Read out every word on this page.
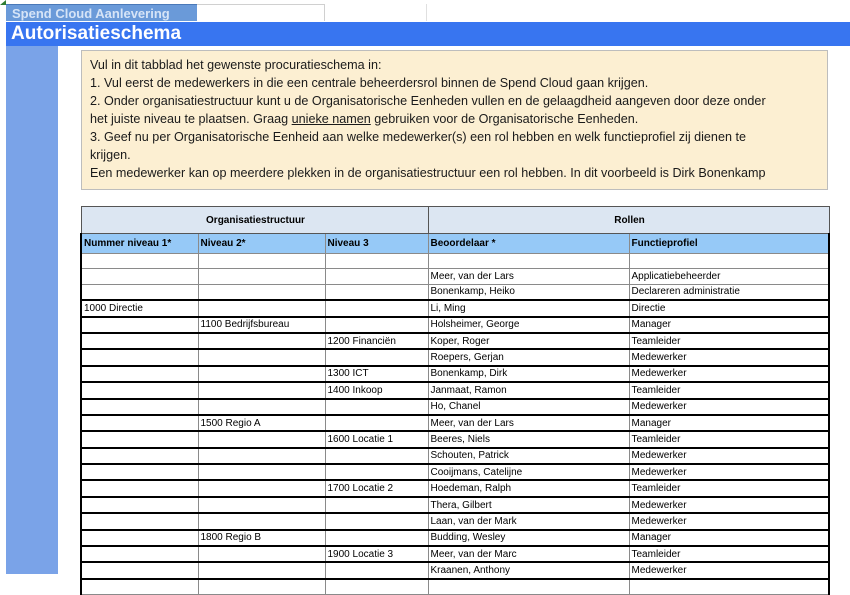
Spend Cloud Aanlevering
Autorisatieschema
Vul in dit tabblad het gewenste procuratieschema in:
1. Vul eerst de medewerkers in die een centrale beheerdersrol binnen de Spend Cloud gaan krijgen.
2. Onder organisatiestructuur kunt u de Organisatorische Eenheden vullen en de gelaagdheid aangeven door deze onder
het juiste niveau te plaatsen. Graag unieke namen gebruiken voor de Organisatorische Eenheden.
3. Geef nu per Organisatorische Eenheid aan welke medewerker(s) een rol hebben en welk functieprofiel zij dienen te
krijgen.
Een medewerker kan op meerdere plekken in de organisatiestructuur een rol hebben. In dit voorbeeld is Dirk Bonenkamp
Organisatiestructuur			Rollen	
Nummer niveau 1*	Niveau 2*	Niveau 3	Beoordelaar *	Functieprofiel

			Meer, van der Lars	Applicatiebeheerder
			Bonenkamp, Heiko	Declareren administratie
1000 Directie			Li, Ming	Directie
	1100 Bedrijfsbureau		Holsheimer, George	Manager
		1200 Financiën	Koper, Roger	Teamleider
			Roepers, Gerjan	Medewerker
		1300 ICT	Bonenkamp, Dirk	Medewerker
		1400 Inkoop	Janmaat, Ramon	Teamleider
			Ho, Chanel	Medewerker
	1500 Regio A		Meer, van der Lars	Manager
		1600 Locatie 1	Beeres, Niels	Teamleider
			Schouten, Patrick	Medewerker
			Cooijmans, Catelijne	Medewerker
		1700 Locatie 2	Hoedeman, Ralph	Teamleider
			Thera, Gilbert	Medewerker
			Laan, van der Mark	Medewerker
	1800 Regio B		Budding, Wesley	Manager
		1900 Locatie 3	Meer, van der Marc	Teamleider
			Kraanen, Anthony	Medewerker
